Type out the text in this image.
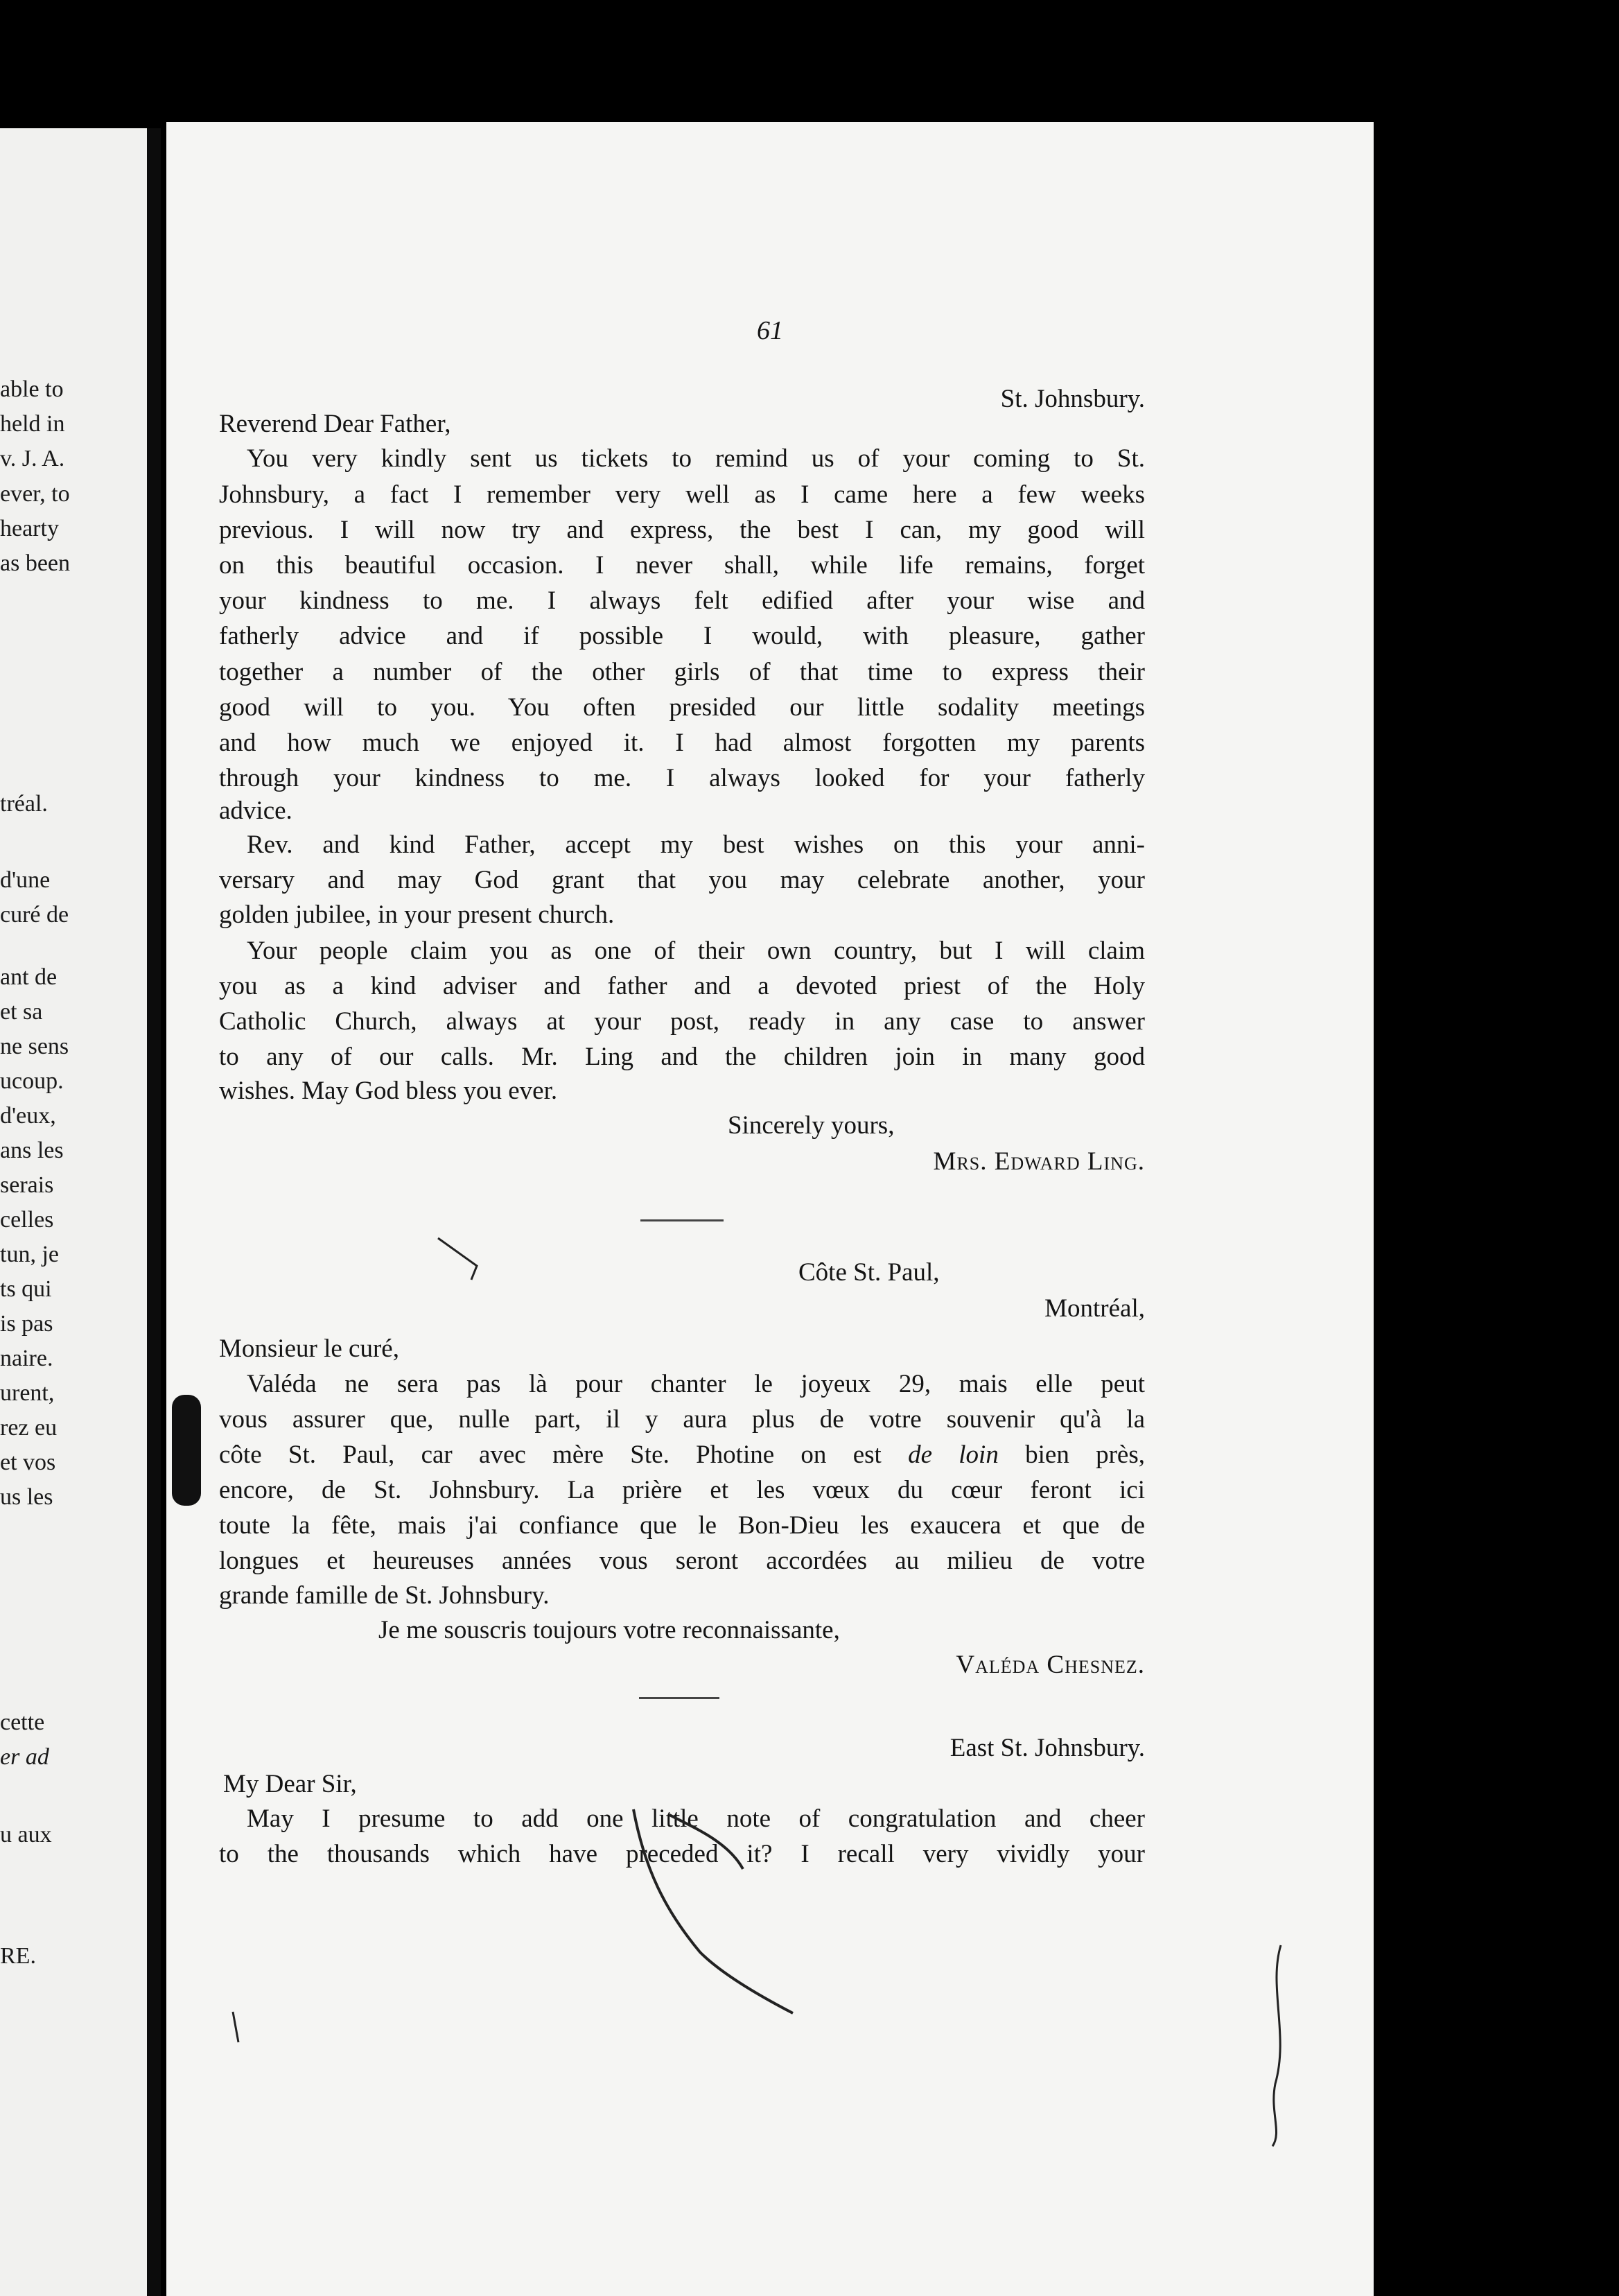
able to
held in
v. J. A.
ever, to
hearty
as been
tréal.
d'une
curé de
ant de
et sa
ne sens
ucoup.
d'eux,
ans les
serais
celles
tun, je
ts qui
is pas
naire.
urent,
rez eu
et vos
us les
cette
er ad
u aux
RE.
61
St. Johnsbury.
Reverend Dear Father,
You very kindly sent us tickets to remind us of your coming to St.
Johnsbury, a fact I remember very well as I came here a few weeks
previous. I will now try and express, the best I can, my good will
on this beautiful occasion. I never shall, while life remains, forget
your kindness to me. I always felt edified after your wise and
fatherly advice and if possible I would, with pleasure, gather
together a number of the other girls of that time to express their
good will to you. You often presided our little sodality meetings
and how much we enjoyed it. I had almost forgotten my parents
through your kindness to me. I always looked for your fatherly
advice.
Rev. and kind Father, accept my best wishes on this your anni-
versary and may God grant that you may celebrate another, your
golden jubilee, in your present church.
Your people claim you as one of their own country, but I will claim
you as a kind adviser and father and a devoted priest of the Holy
Catholic Church, always at your post, ready in any case to answer
to any of our calls. Mr. Ling and the children join in many good
wishes. May God bless you ever.
Sincerely yours,
Mrs. Edward Ling.
Côte St. Paul,
Montréal,
Monsieur le curé,
Valéda ne sera pas là pour chanter le joyeux 29, mais elle peut
vous assurer que, nulle part, il y aura plus de votre souvenir qu'à la
côte St. Paul, car avec mère Ste. Photine on est de loin bien près,
encore, de St. Johnsbury. La prière et les vœux du cœur feront ici
toute la fête, mais j'ai confiance que le Bon-Dieu les exaucera et que de
longues et heureuses années vous seront accordées au milieu de votre
grande famille de St. Johnsbury.
Je me souscris toujours votre reconnaissante,
Valéda Chesnez.
East St. Johnsbury.
My Dear Sir,
May I presume to add one little note of congratulation and cheer
to the thousands which have preceded it? I recall very vividly your
